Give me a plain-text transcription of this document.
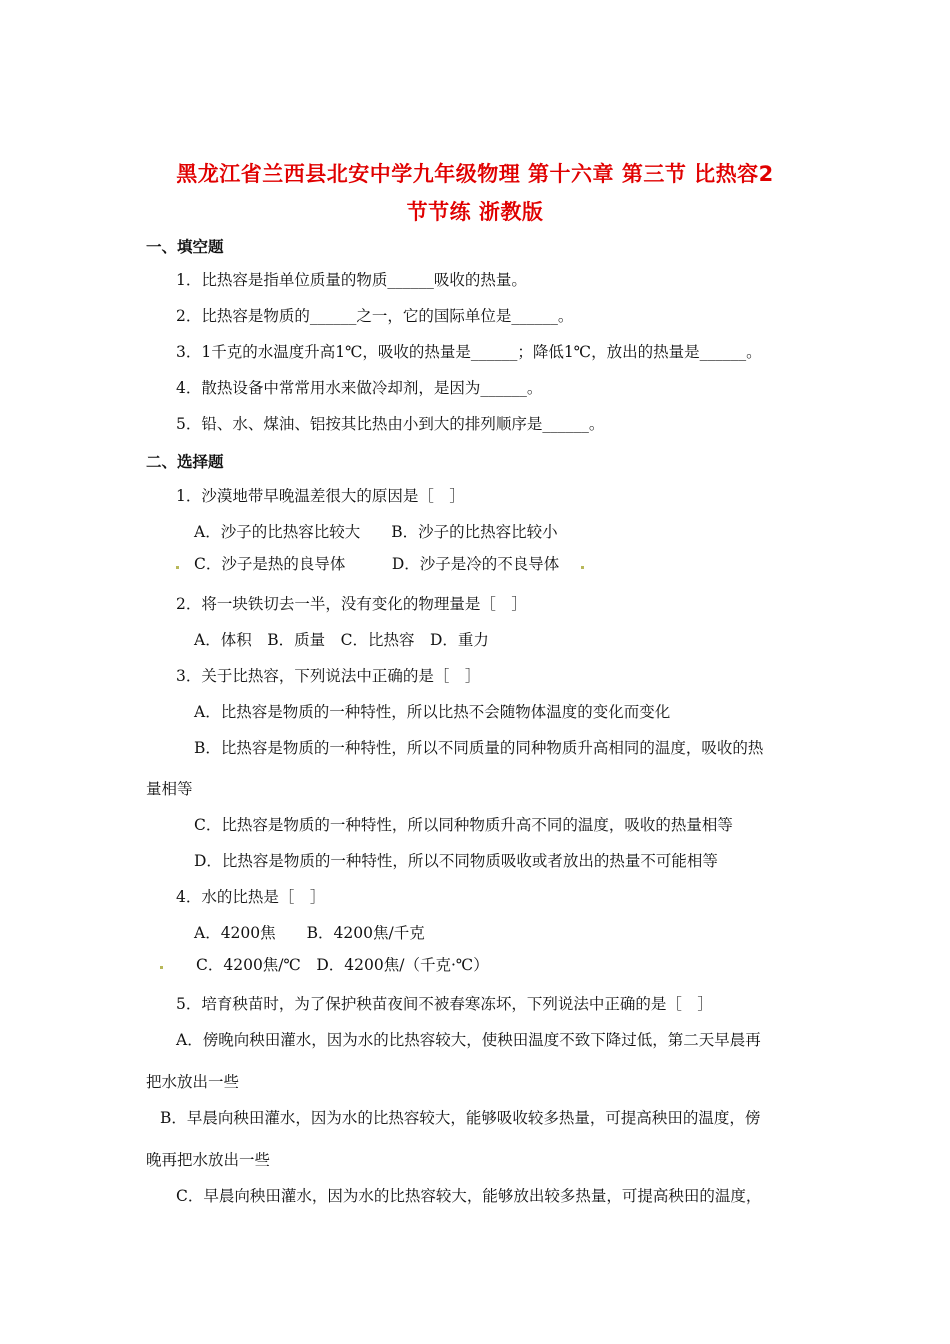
黑龙江省兰西县北安中学九年级物理 第十六章 第三节 比热容2
节节练 浙教版
一、填空题
1．比热容是指单位质量的物质______吸收的热量。
2．比热容是物质的______之一，它的国际单位是______。
3．1千克的水温度升高1℃，吸收的热量是______；降低1℃，放出的热量是______。
4．散热设备中常常用水来做冷却剂，是因为______。
5．铅、水、煤油、铝按其比热由小到大的排列顺序是______。
二、选择题
1．沙漠地带早晚温差很大的原因是［　］
A．沙子的比热容比较大　　B．沙子的比热容比较小
C．沙子是热的良导体　　　D．沙子是冷的不良导体
2．将一块铁切去一半，没有变化的物理量是［　］
A．体积　B．质量　C．比热容　D．重力
3．关于比热容，下列说法中正确的是［　］
A．比热容是物质的一种特性，所以比热不会随物体温度的变化而变化
B．比热容是物质的一种特性，所以不同质量的同种物质升高相同的温度，吸收的热
量相等
C．比热容是物质的一种特性，所以同种物质升高不同的温度，吸收的热量相等
D．比热容是物质的一种特性，所以不同物质吸收或者放出的热量不可能相等
4．水的比热是［　］
A．4200焦　　B．4200焦/千克
C．4200焦/℃　D．4200焦/（千克·℃）
5．培育秧苗时，为了保护秧苗夜间不被春寒冻坏，下列说法中正确的是［　］
A．傍晚向秧田灌水，因为水的比热容较大，使秧田温度不致下降过低，第二天早晨再
把水放出一些
B．早晨向秧田灌水，因为水的比热容较大，能够吸收较多热量，可提高秧田的温度，傍
晚再把水放出一些
C．早晨向秧田灌水，因为水的比热容较大，能够放出较多热量，可提高秧田的温度，
